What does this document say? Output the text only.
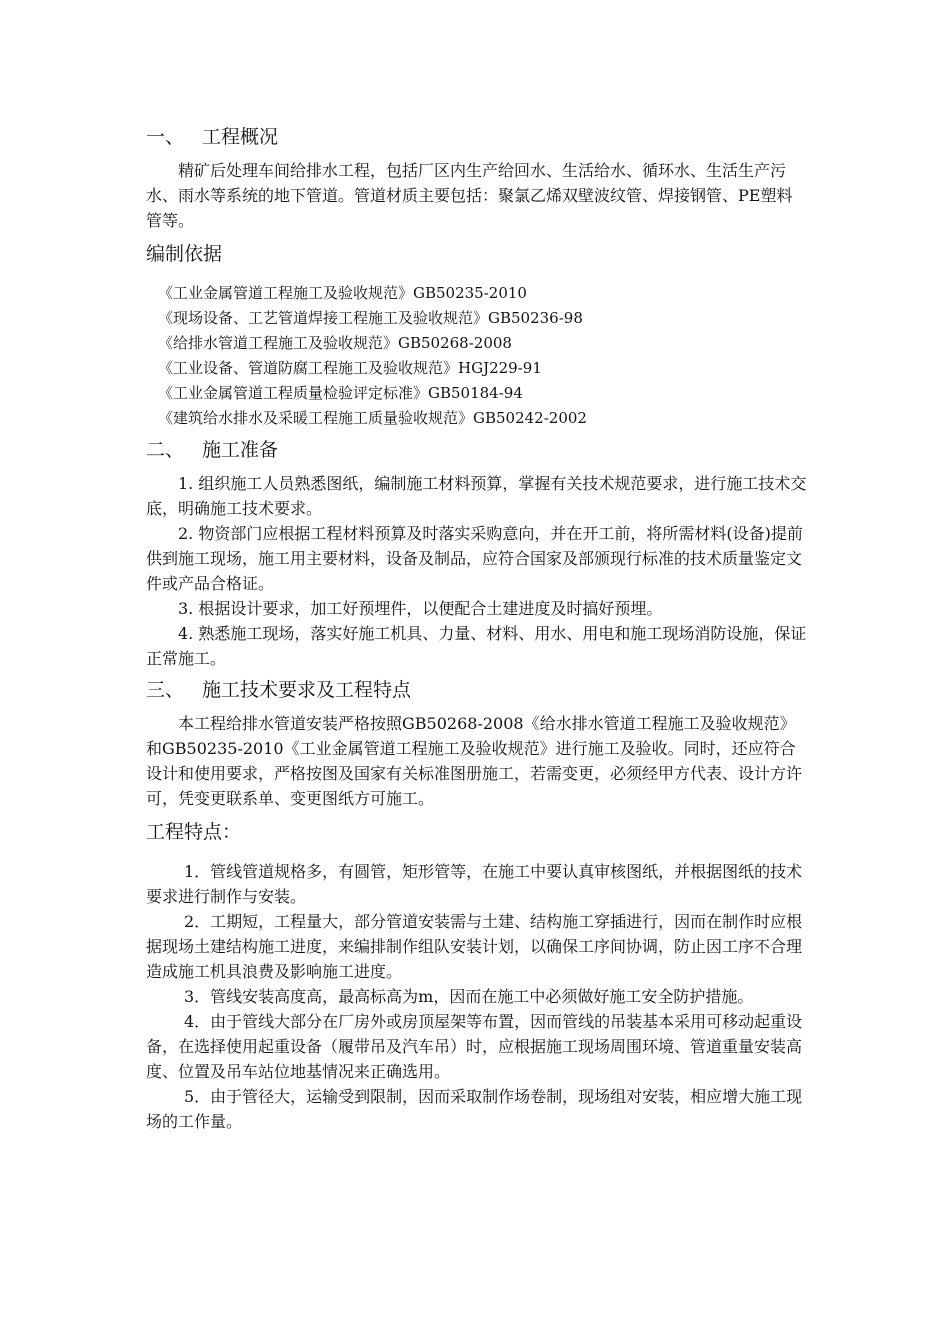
一、 工程概况

精矿后处理车间给排水工程，包括厂区内生产给回水、生活给水、循环水、生活生产污水、雨水等系统的地下管道。管道材质主要包括：聚氯乙烯双壁波纹管、焊接钢管、PE塑料管等。

编制依据
《工业金属管道工程施工及验收规范》GB50235-2010
《现场设备、工艺管道焊接工程施工及验收规范》GB50236-98
《给排水管道工程施工及验收规范》GB50268-2008
《工业设备、管道防腐工程施工及验收规范》HGJ229-91
《工业金属管道工程质量检验评定标准》GB50184-94
《建筑给水排水及采暖工程施工质量验收规范》GB50242-2002
二、 施工准备

1. 组织施工人员熟悉图纸，编制施工材料预算，掌握有关技术规范要求，进行施工技术交底，明确施工技术要求。

2. 物资部门应根据工程材料预算及时落实采购意向，并在开工前，将所需材料(设备)提前供到施工现场，施工用主要材料，设备及制品，应符合国家及部颁现行标准的技术质量鉴定文件或产品合格证。

3. 根据设计要求，加工好预埋件，以便配合土建进度及时搞好预埋。

4. 熟悉施工现场，落实好施工机具、力量、材料、用水、用电和施工现场消防设施，保证正常施工。

三、 施工技术要求及工程特点

本工程给排水管道安装严格按照GB50268-2008《给水排水管道工程施工及验收规范》和GB50235-2010《工业金属管道工程施工及验收规范》进行施工及验收。同时，还应符合设计和使用要求，严格按图及国家有关标准图册施工，若需变更，必须经甲方代表、设计方许可，凭变更联系单、变更图纸方可施工。

工程特点：

1．管线管道规格多，有圆管，矩形管等，在施工中要认真审核图纸，并根据图纸的技术要求进行制作与安装。

2．工期短，工程量大，部分管道安装需与土建、结构施工穿插进行，因而在制作时应根据现场土建结构施工进度，来编排制作组队安装计划，以确保工序间协调，防止因工序不合理造成施工机具浪费及影响施工进度。

3．管线安装高度高，最高标高为m，因而在施工中必须做好施工安全防护措施。

4．由于管线大部分在厂房外或房顶屋架等布置，因而管线的吊装基本采用可移动起重设备，在选择使用起重设备（履带吊及汽车吊）时，应根据施工现场周围环境、管道重量安装高度、位置及吊车站位地基情况来正确选用。

5．由于管径大，运输受到限制，因而采取制作场卷制，现场组对安装，相应增大施工现场的工作量。
